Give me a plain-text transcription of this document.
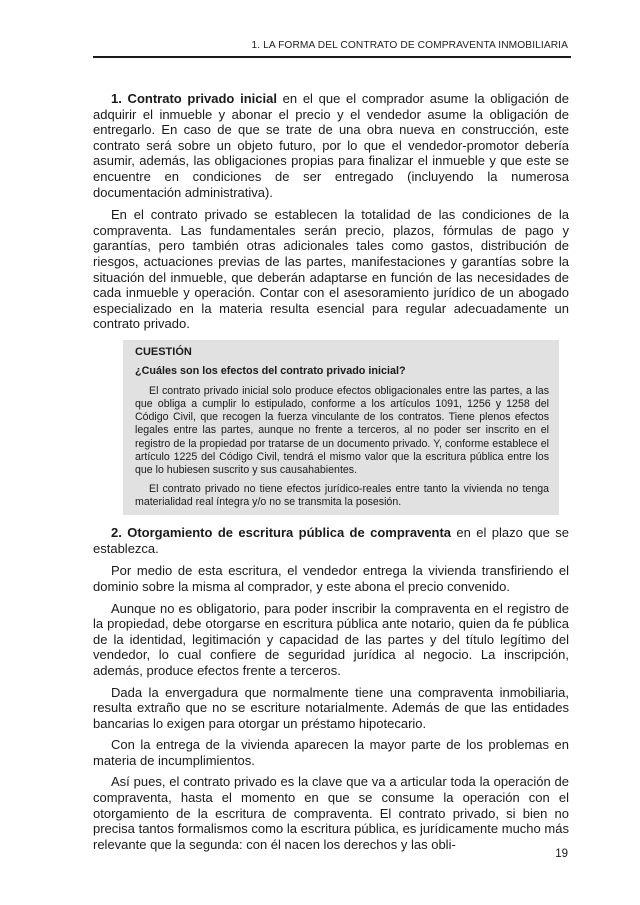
1. LA FORMA DEL CONTRATO DE COMPRAVENTA INMOBILIARIA

1. Contrato privado inicial en el que el comprador asume la obligación de adquirir el inmueble y abonar el precio y el vendedor asume la obligación de entregarlo. En caso de que se trate de una obra nueva en construcción, este contrato será sobre un objeto futuro, por lo que el vendedor-promotor debería asumir, además, las obligaciones propias para finalizar el inmueble y que este se encuentre en condiciones de ser entregado (incluyendo la numerosa documentación administrativa).

En el contrato privado se establecen la totalidad de las condiciones de la compraventa. Las fundamentales serán precio, plazos, fórmulas de pago y garantías, pero también otras adicionales tales como gastos, distribución de riesgos, actuaciones previas de las partes, manifestaciones y garantías sobre la situación del inmueble, que deberán adaptarse en función de las necesidades de cada inmueble y operación. Contar con el asesoramiento jurídico de un abogado especializado en la materia resulta esencial para regular adecuadamente un contrato privado.

CUESTIÓN

¿Cuáles son los efectos del contrato privado inicial?

El contrato privado inicial solo produce efectos obligacionales entre las partes, a las que obliga a cumplir lo estipulado, conforme a los artículos 1091, 1256 y 1258 del Código Civil, que recogen la fuerza vinculante de los contratos. Tiene plenos efectos legales entre las partes, aunque no frente a terceros, al no poder ser inscrito en el registro de la propiedad por tratarse de un documento privado. Y, conforme establece el artículo 1225 del Código Civil, tendrá el mismo valor que la escritura pública entre los que lo hubiesen suscrito y sus causahabientes.

El contrato privado no tiene efectos jurídico-reales entre tanto la vivienda no tenga materialidad real íntegra y/o no se transmita la posesión.

2. Otorgamiento de escritura pública de compraventa en el plazo que se establezca.

Por medio de esta escritura, el vendedor entrega la vivienda transfiriendo el dominio sobre la misma al comprador, y este abona el precio convenido.

Aunque no es obligatorio, para poder inscribir la compraventa en el registro de la propiedad, debe otorgarse en escritura pública ante notario, quien da fe pública de la identidad, legitimación y capacidad de las partes y del título legítimo del vendedor, lo cual confiere de seguridad jurídica al negocio. La inscripción, además, produce efectos frente a terceros.

Dada la envergadura que normalmente tiene una compraventa inmobiliaria, resulta extraño que no se escriture notarialmente. Además de que las entidades bancarias lo exigen para otorgar un préstamo hipotecario.

Con la entrega de la vivienda aparecen la mayor parte de los problemas en materia de incumplimientos.

Así pues, el contrato privado es la clave que va a articular toda la operación de compraventa, hasta el momento en que se consume la operación con el otorgamiento de la escritura de compraventa. El contrato privado, si bien no precisa tantos formalismos como la escritura pública, es jurídicamente mucho más relevante que la segunda: con él nacen los derechos y las obli-

19
